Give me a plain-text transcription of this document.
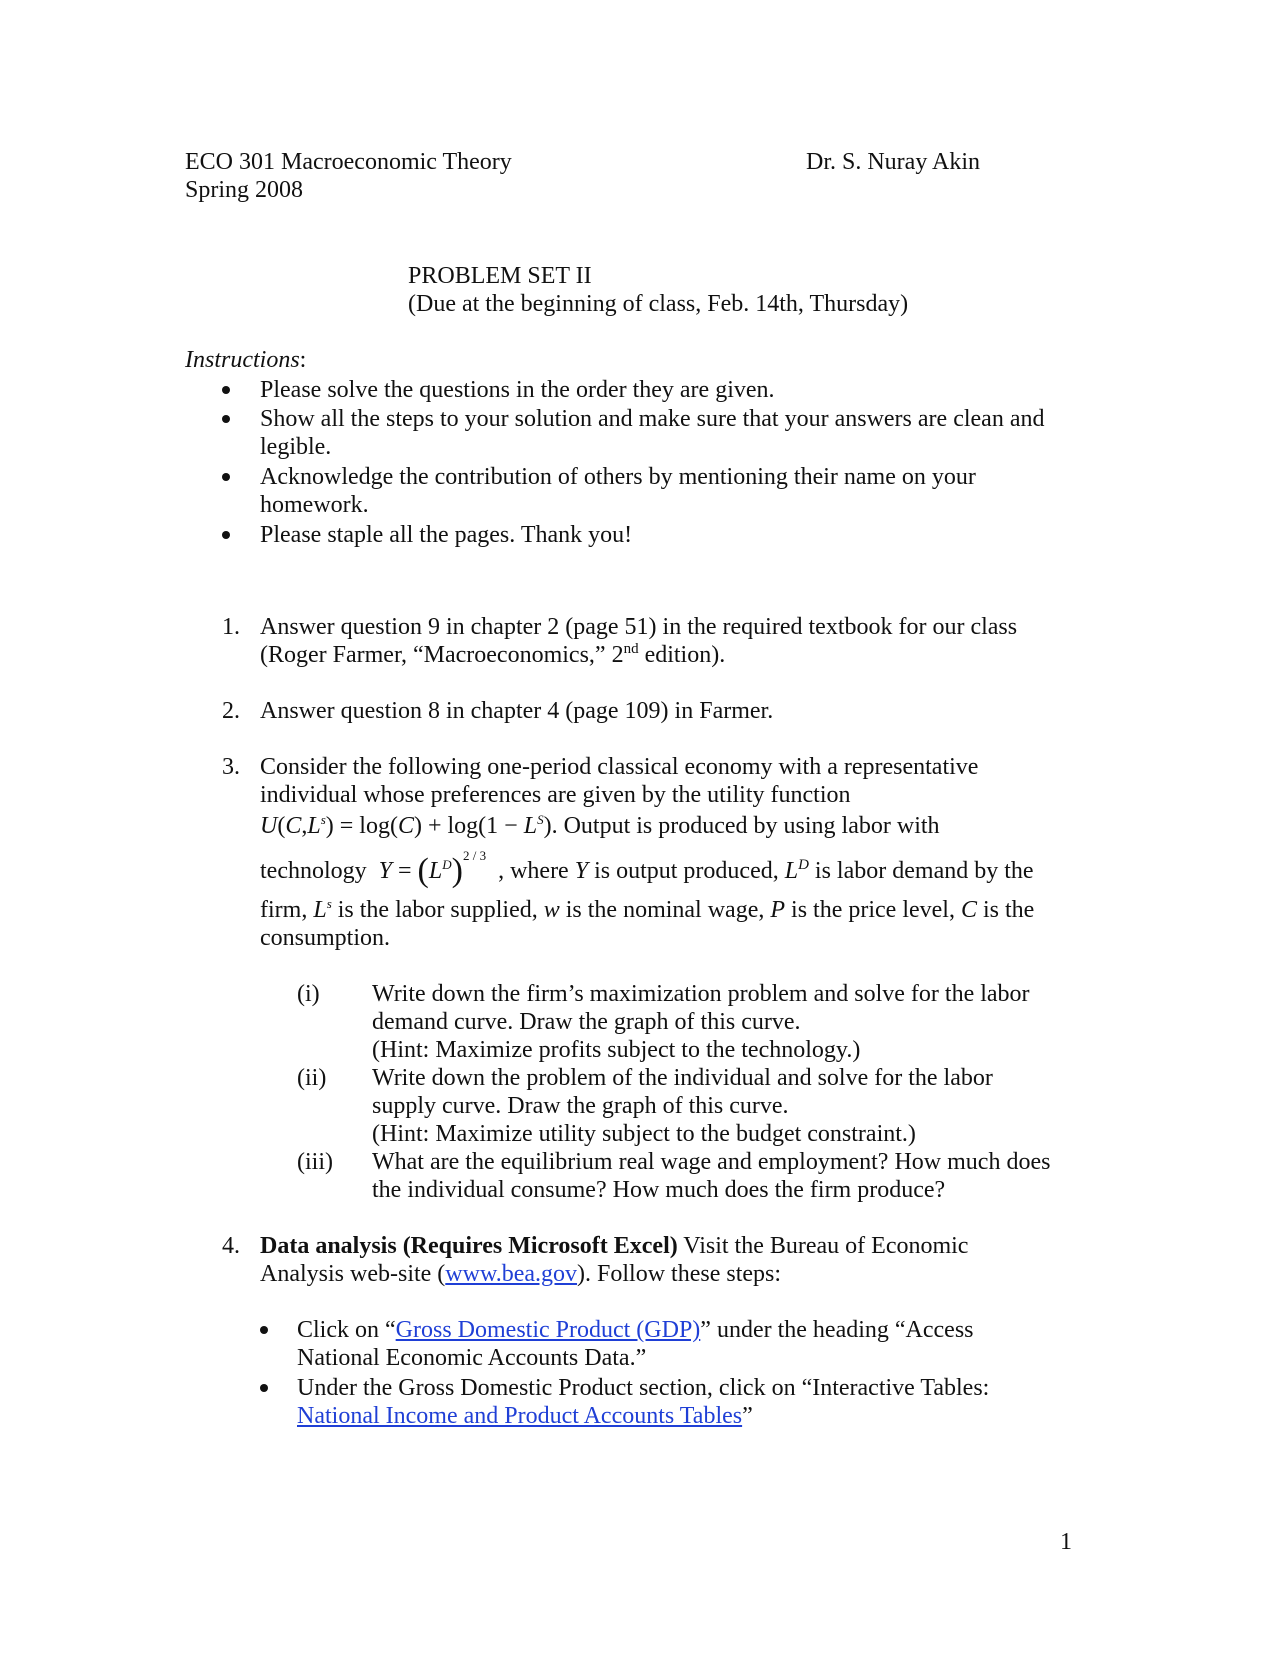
ECO 301 Macroeconomic Theory
Spring 2008
Dr. S. Nuray Akin
PROBLEM SET II
(Due at the beginning of class, Feb. 14th, Thursday)
Instructions:
Please solve the questions in the order they are given.
Show all the steps to your solution and make sure that your answers are clean and
legible.
Acknowledge the contribution of others by mentioning their name on your
homework.
Please staple all the pages. Thank you!
1. Answer question 9 in chapter 2 (page 51) in the required textbook for our class
(Roger Farmer, “Macroeconomics,” 2nd edition).
2. Answer question 8 in chapter 4 (page 109) in Farmer.
3. Consider the following one-period classical economy with a representative
individual whose preferences are given by the utility function
$U(C,L^s) = \log(C) + \log(1 - L^S)$. Output is produced by using labor with
technology $Y = (L^D)^{2 / 3}$  , where Y is output produced, $L^D$ is labor demand by the
firm, $L^s$ is the labor supplied, w is the nominal wage, P is the price level, C is the
consumption.
(i) Write down the firm’s maximization problem and solve for the labor
demand curve. Draw the graph of this curve.
(Hint: Maximize profits subject to the technology.)
(ii) Write down the problem of the individual and solve for the labor
supply curve. Draw the graph of this curve.
(Hint: Maximize utility subject to the budget constraint.)
(iii) What are the equilibrium real wage and employment? How much does
the individual consume? How much does the firm produce?
4. Data analysis (Requires Microsoft Excel) Visit the Bureau of Economic
Analysis web-site (www.bea.gov). Follow these steps:
Click on “Gross Domestic Product (GDP)” under the heading “Access
National Economic Accounts Data.”
Under the Gross Domestic Product section, click on “Interactive Tables:
National Income and Product Accounts Tables”
1
